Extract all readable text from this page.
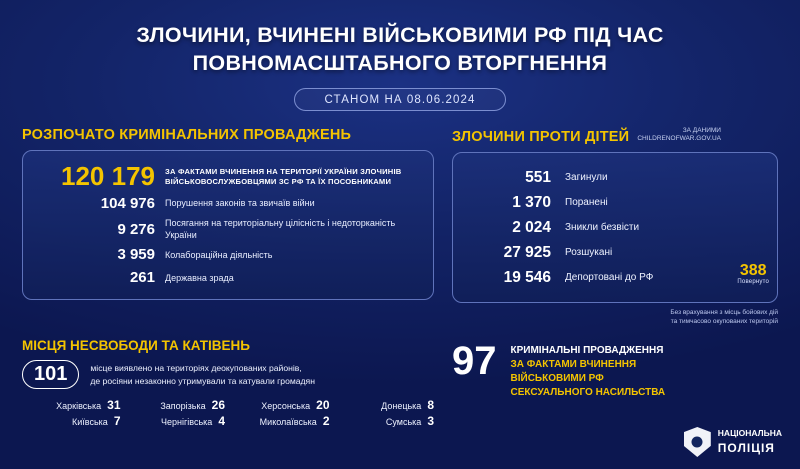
ЗЛОЧИНИ, ВЧИНЕНІ ВІЙСЬКОВИМИ РФ ПІД ЧАС
ПОВНОМАСШТАБНОГО ВТОРГНЕННЯ
СТАНОМ НА 08.06.2024
РОЗПОЧАТО КРИМІНАЛЬНИХ ПРОВАДЖЕНЬ
120 179 ЗА ФАКТАМИ ВЧИНЕННЯ НА ТЕРИТОРІЇ УКРАЇНИ ЗЛОЧИНІВ ВІЙСЬКОВОСЛУЖБОВЦЯМИ ЗС РФ ТА ЇХ ПОСОБНИКАМИ
104 976 Порушення законів та звичаїв війни
9 276 Посягання на територіальну цілісність і недоторканість України
3 959 Колабораційна діяльність
261 Державна зрада
ЗЛОЧИНИ ПРОТИ ДІТЕЙ	ЗА ДАНИМИ
CHILDRENOFWAR.GOV.UA
551 Загинули
1 370 Поранені
2 024 Зникли безвісти
27 925 Розшукані
19 546 Депортовані до РФ	388
Повернуто
Без врахування з місць бойових дій
та тимчасово окупованих територій
МІСЦЯ НЕСВОБОДИ ТА КАТІВЕНЬ
101	місце виявлено на територіях деокупованих районів,
де росіяни незаконно утримували та катували громадян
Харківська 31	Запорізька 26	Херсонська 20	Донецька 8
Київська 7	Чернігівська 4	Миколаївська 2	Сумська 3
97 КРИМІНАЛЬНІ ПРОВАДЖЕННЯ
ЗА ФАКТАМИ ВЧИНЕННЯ
ВІЙСЬКОВИМИ РФ
СЕКСУАЛЬНОГО НАСИЛЬСТВА
НАЦІОНАЛЬНА
ПОЛІЦІЯ
